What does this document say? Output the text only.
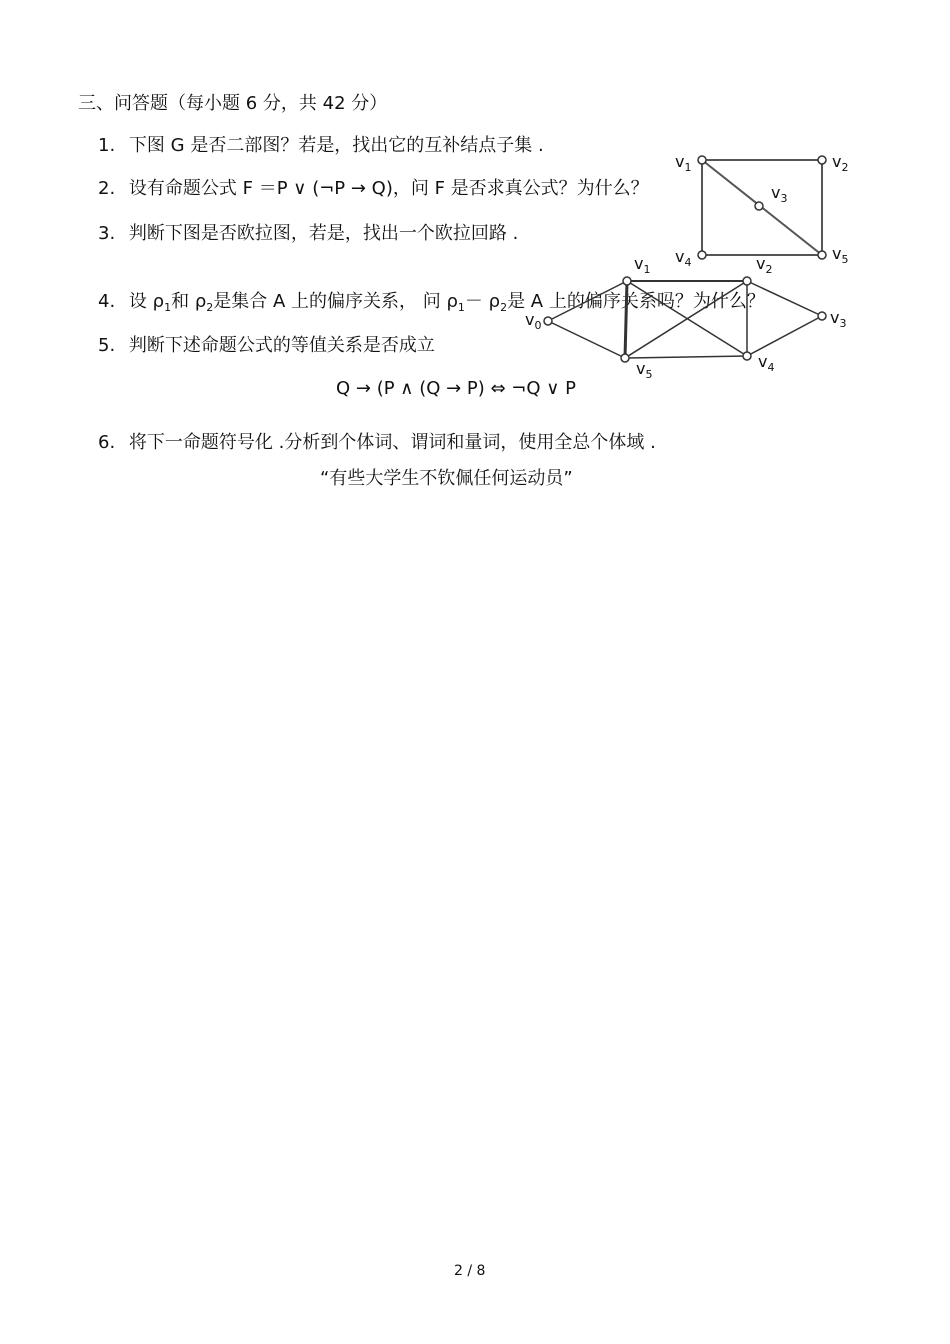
三、问答题（每小题 6 分，共 42 分）
1. 下图 G 是否二部图？若是，找出它的互补结点子集 .
2. 设有命题公式 F ＝P ∨ (¬P → Q)，问 F 是否求真公式？为什么？
3. 判断下图是否欧拉图，若是，找出一个欧拉回路 .
4. 设 $\rho_1$和 $\rho_2$是集合 A 上的偏序关系， 问 $\rho_1- \rho_2$是 A 上的偏序关系吗？为什么？
5. 判断下述命题公式的等值关系是否成立
Q → (P ∧ (Q → P) ⇔ ¬Q ∨ P
6. 将下一命题符号化 .分析到个体词、谓词和量词，使用全总个体域 .
“有些大学生不钦佩任何运动员”
$v_1$	$v_2$
$v_3$
$v_4$	$v_5$
$v_0$
$v_1$	$v_2$
$v_3$
$v_4$
$v_5$
2 / 8
